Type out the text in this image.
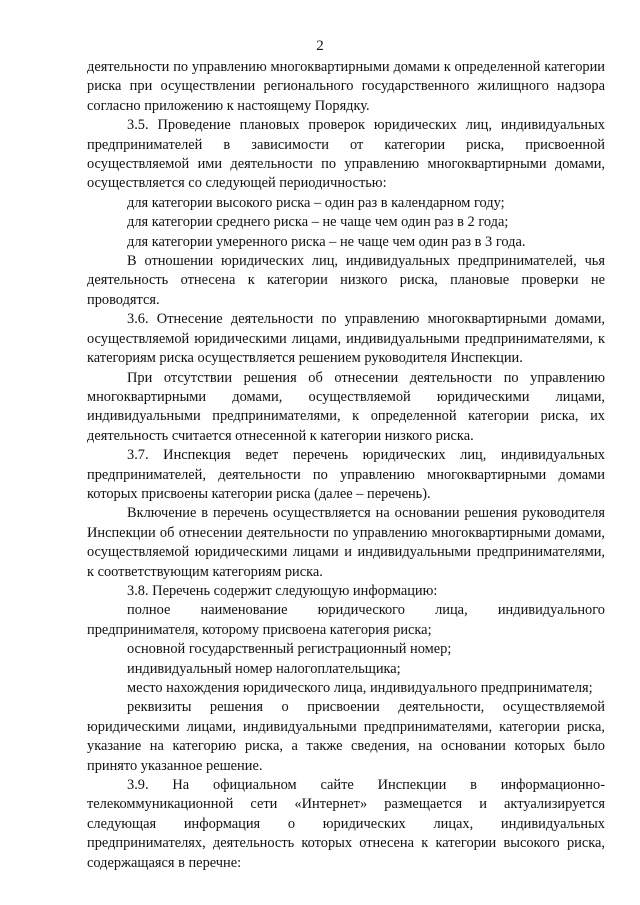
2

деятельности по управлению многоквартирными домами к определенной категории риска при осуществлении регионального государственного жилищного надзора согласно приложению к настоящему Порядку.

3.5. Проведение плановых проверок юридических лиц, индивидуальных предпринимателей в зависимости от категории риска, присвоенной осуществляемой ими деятельности по управлению многоквартирными домами, осуществляется со следующей периодичностью:

для категории высокого риска – один раз в календарном году;

для категории среднего риска – не чаще чем один раз в 2 года;

для категории умеренного риска – не чаще чем один раз в 3 года.

В отношении юридических лиц, индивидуальных предпринимателей, чья деятельность отнесена к категории низкого риска, плановые проверки не проводятся.

3.6. Отнесение деятельности по управлению многоквартирными домами, осуществляемой юридическими лицами, индивидуальными предпринимателями, к категориям риска осуществляется решением руководителя Инспекции.

При отсутствии решения об отнесении деятельности по управлению многоквартирными домами, осуществляемой юридическими лицами, индивидуальными предпринимателями, к определенной категории риска, их деятельность считается отнесенной к категории низкого риска.

3.7. Инспекция ведет перечень юридических лиц, индивидуальных предпринимателей, деятельности по управлению многоквартирными домами которых присвоены категории риска (далее – перечень).

Включение в перечень осуществляется на основании решения руководителя Инспекции об отнесении деятельности по управлению многоквартирными домами, осуществляемой юридическими лицами и индивидуальными предпринимателями, к соответствующим категориям риска.

3.8. Перечень содержит следующую информацию:

полное наименование юридического лица, индивидуального предпринимателя, которому присвоена категория риска;

основной государственный регистрационный номер;

индивидуальный номер налогоплательщика;

место нахождения юридического лица, индивидуального предпринимателя;

реквизиты решения о присвоении деятельности, осуществляемой юридическими лицами, индивидуальными предпринимателями, категории риска, указание на категорию риска, а также сведения, на основании которых было принято указанное решение.

3.9. На официальном сайте Инспекции в информационно-телекоммуникационной сети «Интернет» размещается и актуализируется следующая информация о юридических лицах, индивидуальных предпринимателях, деятельность которых отнесена к категории высокого риска, содержащаяся в перечне:
